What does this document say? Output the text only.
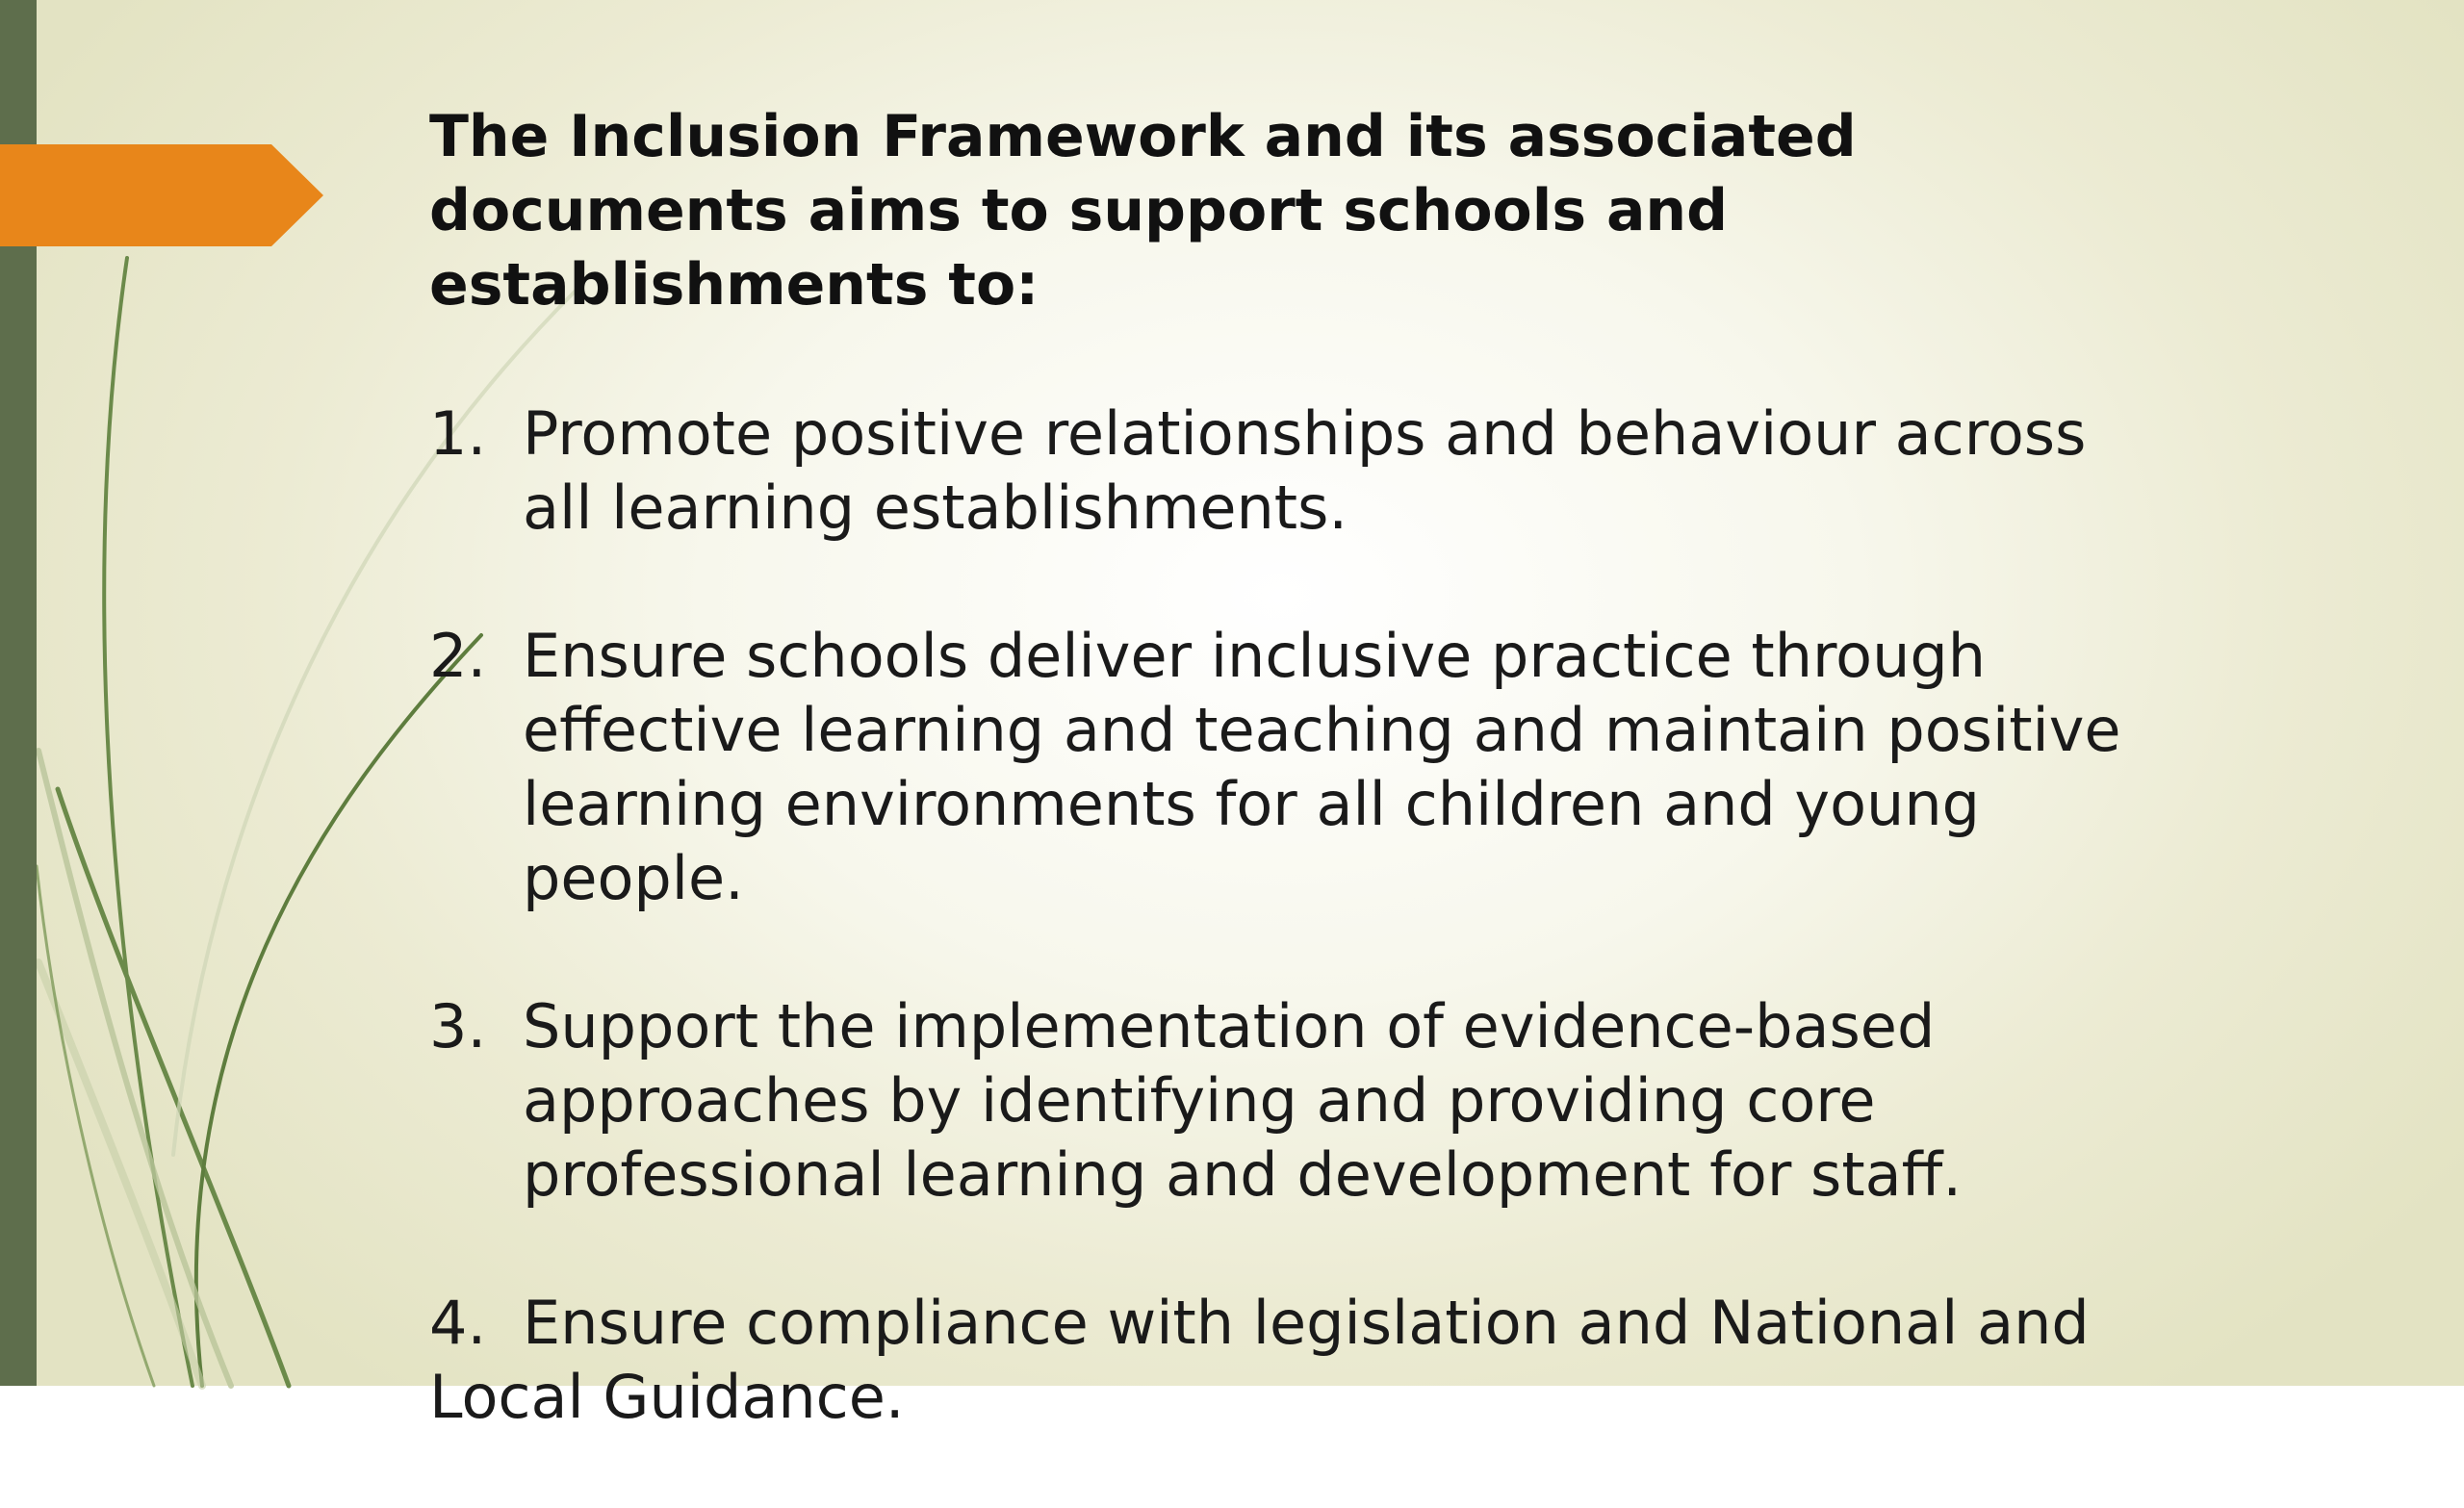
The Inclusion Framework and its associated documents aims to support schools and establishments to:

1. Promote positive relationships and behaviour across all learning establishments.
2. Ensure schools deliver inclusive practice through effective learning and teaching and maintain positive learning environments for all children and young people.
3. Support the implementation of evidence-based approaches by identifying and providing core professional learning and development for staff.
4. Ensure compliance with legislation and National and Local Guidance.
